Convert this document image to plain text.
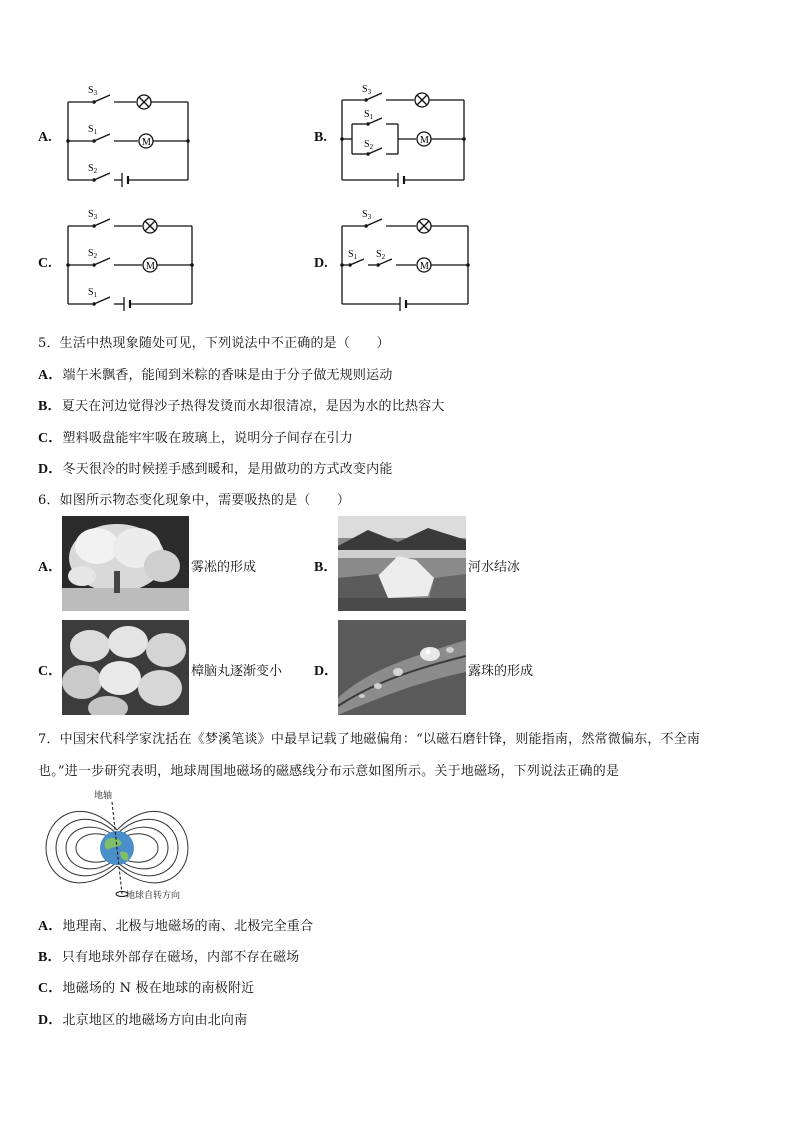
A.
$S_3$
$S_1$
$S_2$
M	B.
$S_3$
$S_1$
$S_2$
M
C.
$S_3$
$S_2$
$S_1$
M	D.
$S_3$
$S_1$ $S_2$
M
5．生活中热现象随处可见，下列说法中不正确的是（　　）
A．端午米飘香，能闻到米粽的香味是由于分子做无规则运动
B．夏天在河边觉得沙子热得发烫而水却很清凉，是因为水的比热容大
C．塑料吸盘能牢牢吸在玻璃上，说明分子间存在引力
D．冬天很冷的时候搓手感到暖和，是用做功的方式改变内能
6．如图所示物态变化现象中，需要吸热的是（　　）
A．	雾凇的形成	B．	河水结冰
C．	樟脑丸逐渐变小 D．	露珠的形成
7．中国宋代科学家沈括在《梦溪笔谈》中最早记载了地磁偏角：“以磁石磨针锋，则能指南，然常微偏东，不全南
也。”进一步研究表明，地球周围地磁场的磁感线分布示意如图所示。关于地磁场，下列说法正确的是
地轴
地球自转方向
A．地理南、北极与地磁场的南、北极完全重合
B．只有地球外部存在磁场，内部不存在磁场
C．地磁场的 N 极在地球的南极附近
D．北京地区的地磁场方向由北向南
